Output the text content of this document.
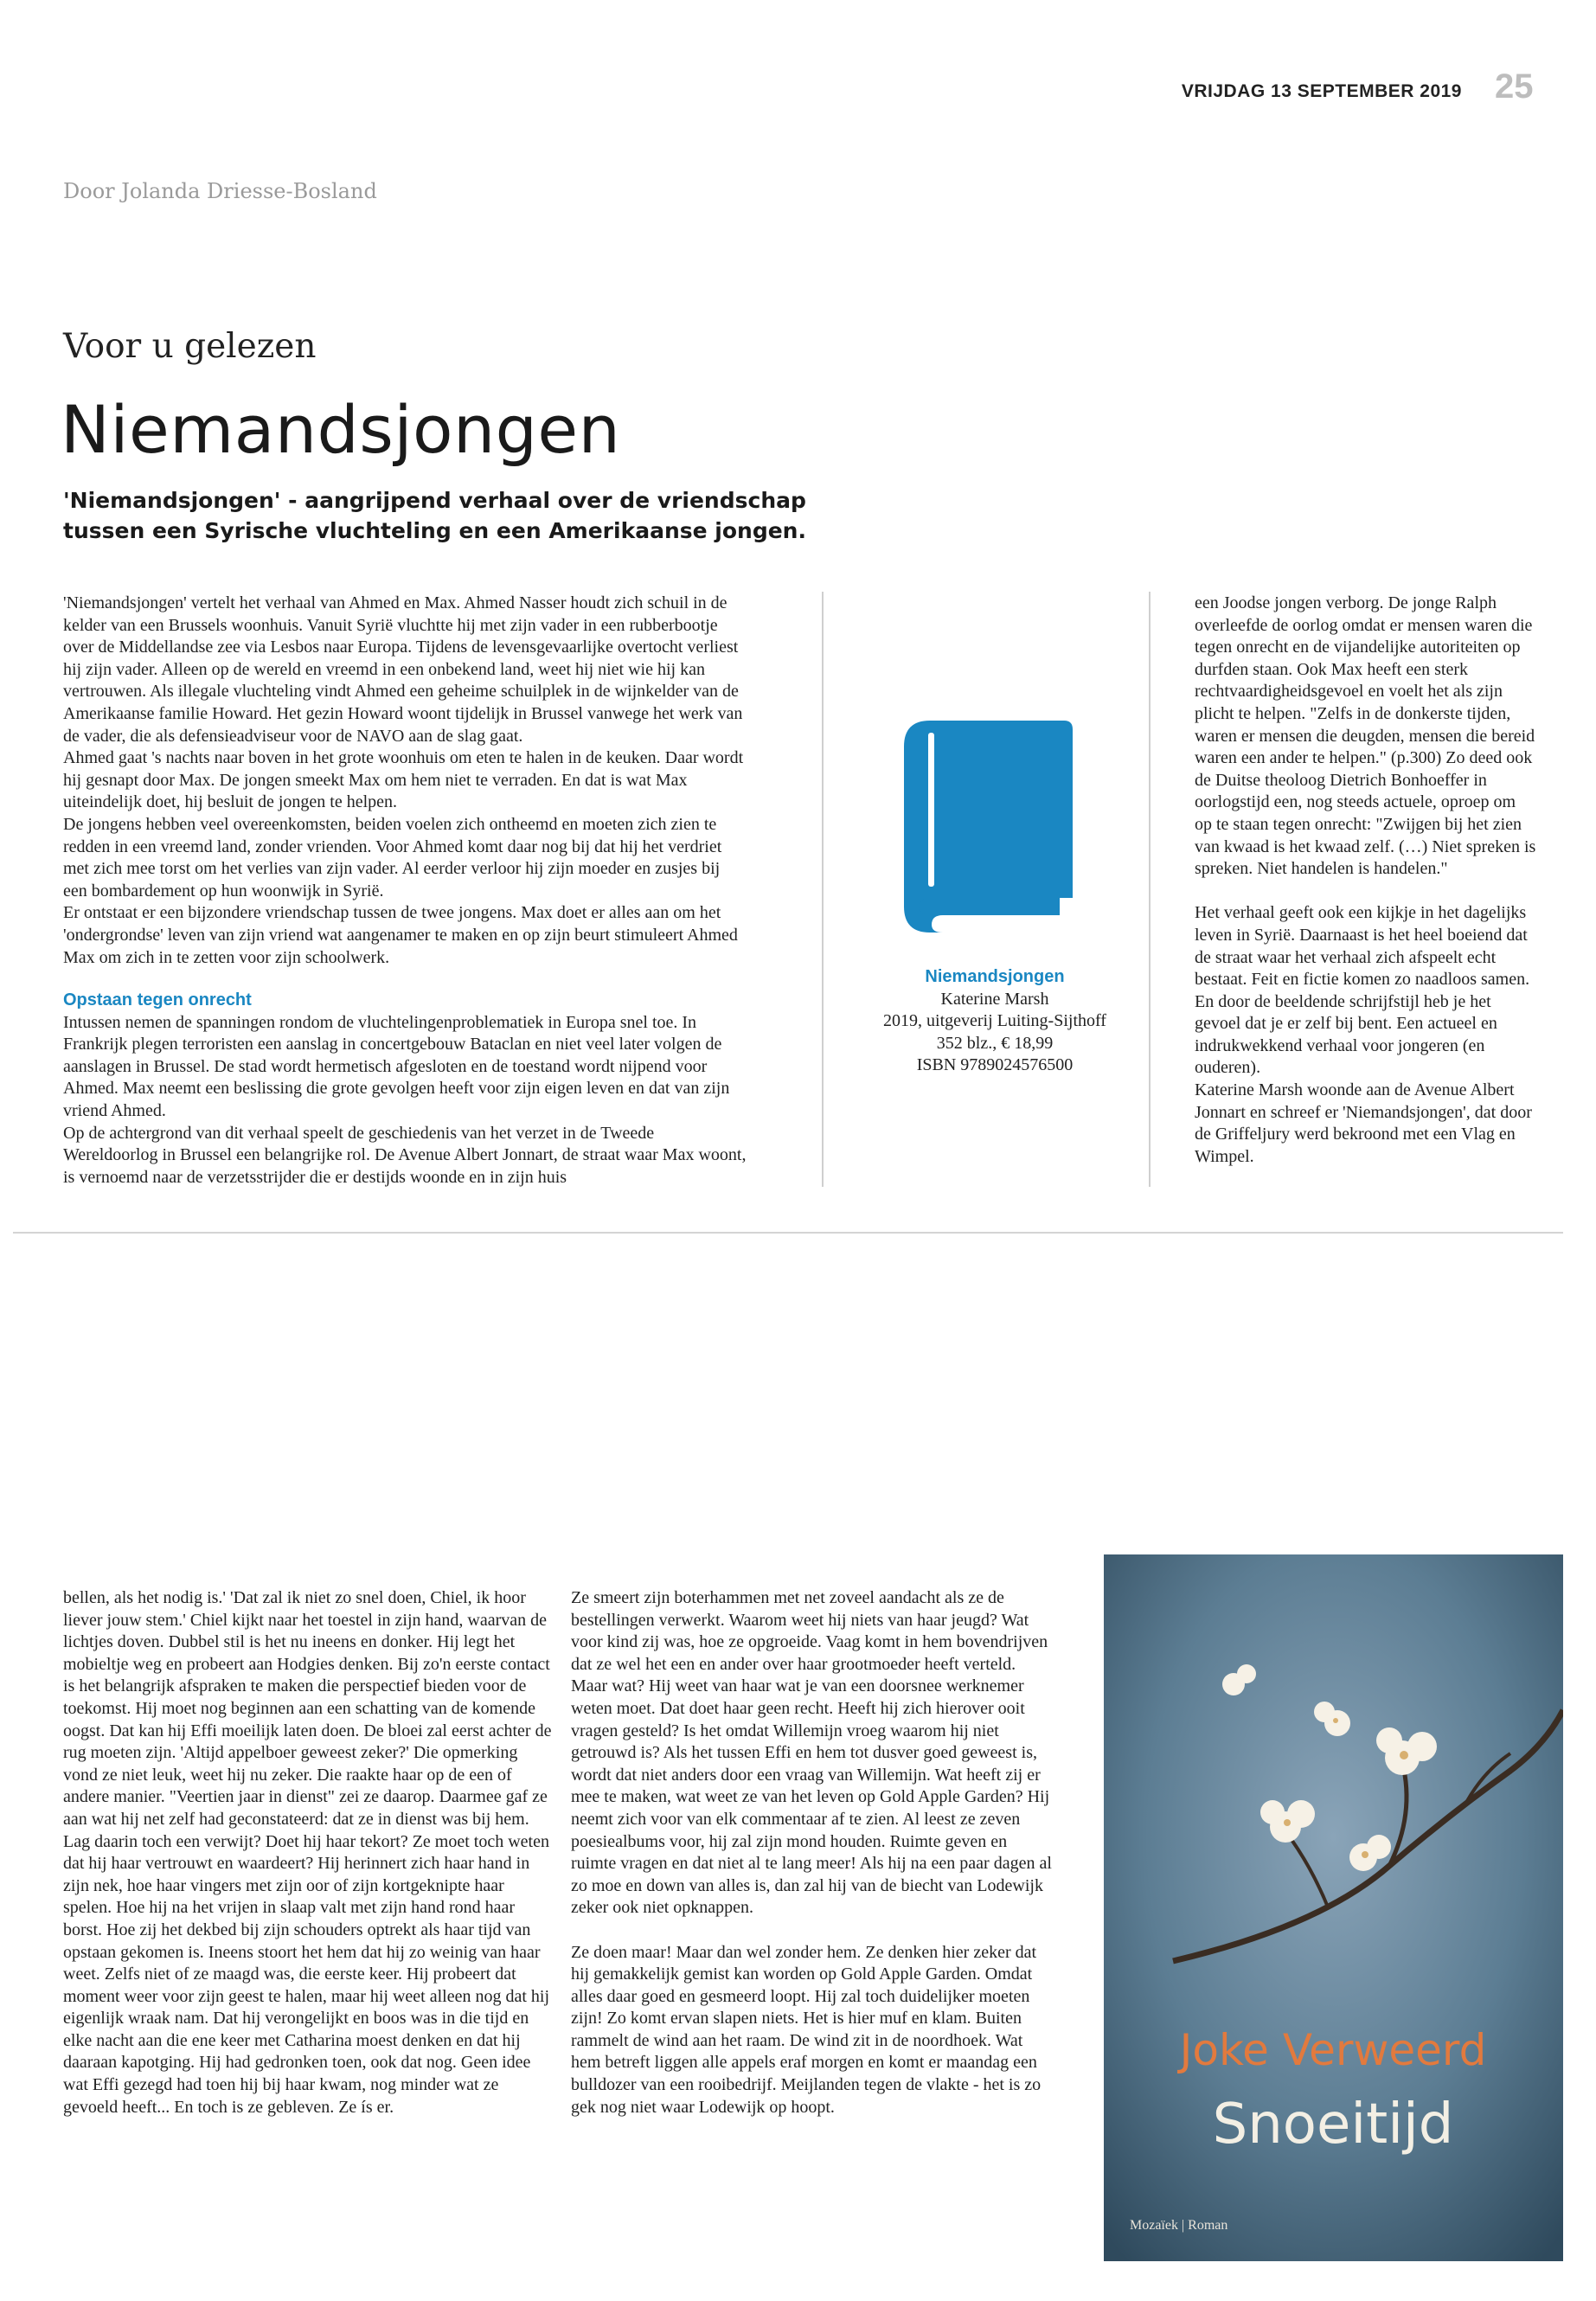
VRIJDAG 13 SEPTEMBER 2019 25
Door Jolanda Driesse-Bosland
Voor u gelezen
Niemandsjongen
'Niemandsjongen' - aangrijpend verhaal over de vriendschap tussen een Syrische vluchteling en een Amerikaanse jongen.

'Niemandsjongen' vertelt het verhaal van Ahmed en Max. Ahmed Nasser houdt zich schuil in de kelder van een Brussels woonhuis. Vanuit Syrië vluchtte hij met zijn vader in een rubberbootje over de Middellandse zee via Lesbos naar Europa. Tijdens de levensgevaarlijke overtocht verliest hij zijn vader. Alleen op de wereld en vreemd in een onbekend land, weet hij niet wie hij kan vertrouwen. Als illegale vluchteling vindt Ahmed een geheime schuilplek in de wijnkelder van de Amerikaanse familie Howard. Het gezin Howard woont tijdelijk in Brussel vanwege het werk van de vader, die als defensieadviseur voor de NAVO aan de slag gaat.

Ahmed gaat 's nachts naar boven in het grote woonhuis om eten te halen in de keuken. Daar wordt hij gesnapt door Max. De jongen smeekt Max om hem niet te verraden. En dat is wat Max uiteindelijk doet, hij besluit de jongen te helpen.

De jongens hebben veel overeenkomsten, beiden voelen zich ontheemd en moeten zich zien te redden in een vreemd land, zonder vrienden. Voor Ahmed komt daar nog bij dat hij het verdriet met zich mee torst om het verlies van zijn vader. Al eerder verloor hij zijn moeder en zusjes bij een bombardement op hun woonwijk in Syrië.

Er ontstaat er een bijzondere vriendschap tussen de twee jongens. Max doet er alles aan om het 'ondergrondse' leven van zijn vriend wat aangenamer te maken en op zijn beurt stimuleert Ahmed Max om zich in te zetten voor zijn schoolwerk.

Opstaan tegen onrecht

Intussen nemen de spanningen rondom de vluchtelingenproblematiek in Europa snel toe. In Frankrijk plegen terroristen een aanslag in concertgebouw Bataclan en niet veel later volgen de aanslagen in Brussel. De stad wordt hermetisch afgesloten en de toestand wordt nijpend voor Ahmed. Max neemt een beslissing die grote gevolgen heeft voor zijn eigen leven en dat van zijn vriend Ahmed.

Op de achtergrond van dit verhaal speelt de geschiedenis van het verzet in de Tweede Wereldoorlog in Brussel een belangrijke rol. De Avenue Albert Jonnart, de straat waar Max woont, is vernoemd naar de verzetsstrijder die er destijds woonde en in zijn huis

Niemandsjongen
Katerine Marsh
2019, uitgeverij Luiting-Sijthoff
352 blz., € 18,99
ISBN 9789024576500

een Joodse jongen verborg. De jonge Ralph overleefde de oorlog omdat er mensen waren die tegen onrecht en de vijandelijke autoriteiten op durfden staan. Ook Max heeft een sterk rechtvaardigheidsgevoel en voelt het als zijn plicht te helpen. "Zelfs in de donkerste tijden, waren er mensen die deugden, mensen die bereid waren een ander te helpen." (p.300) Zo deed ook de Duitse theoloog Dietrich Bonhoeffer in oorlogstijd een, nog steeds actuele, oproep om op te staan tegen onrecht: "Zwijgen bij het zien van kwaad is het kwaad zelf. (…) Niet spreken is spreken. Niet handelen is handelen."

Het verhaal geeft ook een kijkje in het dagelijks leven in Syrië. Daarnaast is het heel boeiend dat de straat waar het verhaal zich afspeelt echt bestaat. Feit en fictie komen zo naadloos samen. En door de beeldende schrijfstijl heb je het gevoel dat je er zelf bij bent. Een actueel en indrukwekkend verhaal voor jongeren (en ouderen).

Katerine Marsh woonde aan de Avenue Albert Jonnart en schreef er 'Niemandsjongen', dat door de Griffeljury werd bekroond met een Vlag en Wimpel.

bellen, als het nodig is.' 'Dat zal ik niet zo snel doen, Chiel, ik hoor liever jouw stem.' Chiel kijkt naar het toestel in zijn hand, waarvan de lichtjes doven. Dubbel stil is het nu ineens en donker. Hij legt het mobieltje weg en probeert aan Hodgies denken. Bij zo'n eerste contact is het belangrijk afspraken te maken die perspectief bieden voor de toekomst. Hij moet nog beginnen aan een schatting van de komende oogst. Dat kan hij Effi moeilijk laten doen. De bloei zal eerst achter de rug moeten zijn. 'Altijd appelboer geweest zeker?' Die opmerking vond ze niet leuk, weet hij nu zeker. Die raakte haar op de een of andere manier. "Veertien jaar in dienst" zei ze daarop. Daarmee gaf ze aan wat hij net zelf had geconstateerd: dat ze in dienst was bij hem. Lag daarin toch een verwijt? Doet hij haar tekort? Ze moet toch weten dat hij haar vertrouwt en waardeert? Hij herinnert zich haar hand in zijn nek, hoe haar vingers met zijn oor of zijn kortgeknipte haar spelen. Hoe hij na het vrijen in slaap valt met zijn hand rond haar borst. Hoe zij het dekbed bij zijn schouders optrekt als haar tijd van opstaan gekomen is. Ineens stoort het hem dat hij zo weinig van haar weet. Zelfs niet of ze maagd was, die eerste keer. Hij probeert dat moment weer voor zijn geest te halen, maar hij weet alleen nog dat hij eigenlijk wraak nam. Dat hij verongelijkt en boos was in die tijd en elke nacht aan die ene keer met Catharina moest denken en dat hij daaraan kapotging. Hij had gedronken toen, ook dat nog. Geen idee wat Effi gezegd had toen hij bij haar kwam, nog minder wat ze gevoeld heeft... En toch is ze gebleven. Ze ís er.

Ze smeert zijn boterhammen met net zoveel aandacht als ze de bestellingen verwerkt. Waarom weet hij niets van haar jeugd? Wat voor kind zij was, hoe ze opgroeide. Vaag komt in hem bovendrijven dat ze wel het een en ander over haar grootmoeder heeft verteld. Maar wat? Hij weet van haar wat je van een doorsnee werknemer weten moet. Dat doet haar geen recht. Heeft hij zich hierover ooit vragen gesteld? Is het omdat Willemijn vroeg waarom hij niet getrouwd is? Als het tussen Effi en hem tot dusver goed geweest is, wordt dat niet anders door een vraag van Willemijn. Wat heeft zij er mee te maken, wat weet ze van het leven op Gold Apple Garden? Hij neemt zich voor van elk commentaar af te zien. Al leest ze zeven poesiealbums voor, hij zal zijn mond houden. Ruimte geven en ruimte vragen en dat niet al te lang meer! Als hij na een paar dagen al zo moe en down van alles is, dan zal hij van de biecht van Lodewijk zeker ook niet opknappen.

Ze doen maar! Maar dan wel zonder hem. Ze denken hier zeker dat hij gemakkelijk gemist kan worden op Gold Apple Garden. Omdat alles daar goed en gesmeerd loopt. Hij zal toch duidelijker moeten zijn! Zo komt ervan slapen niets. Het is hier muf en klam. Buiten rammelt de wind aan het raam. De wind zit in de noordhoek. Wat hem betreft liggen alle appels eraf morgen en komt er maandag een bulldozer van een rooibedrijf. Meijlanden tegen de vlakte - het is zo gek nog niet waar Lodewijk op hoopt.

Joke Verweerd
Snoeitijd
Mozaïek | Roman
